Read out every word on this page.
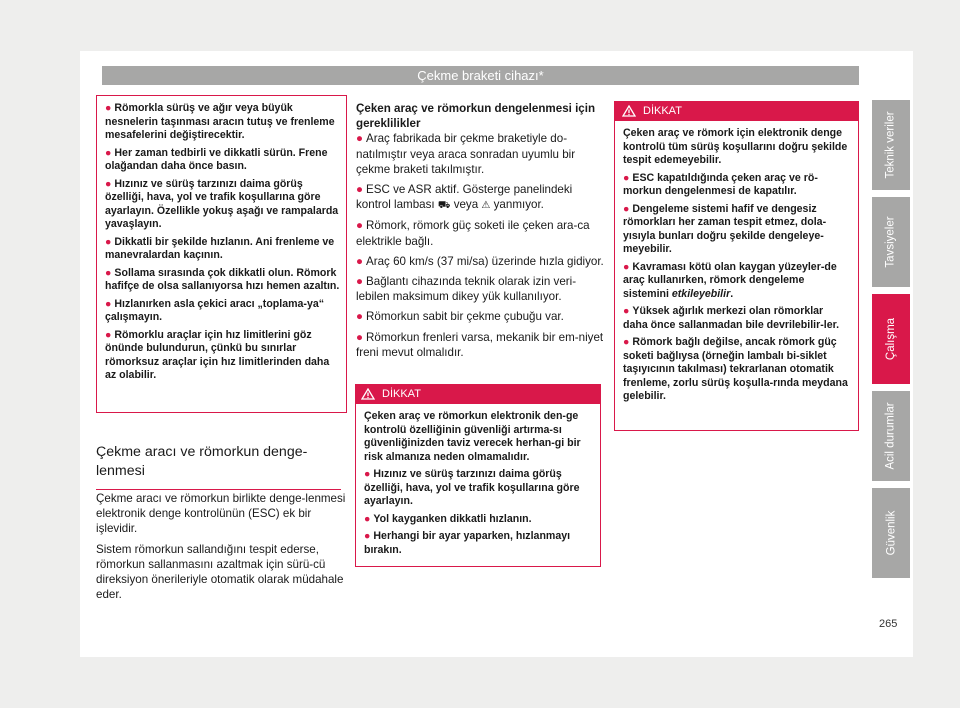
Çekme braketi cihazı*
● Römorkla sürüş ve ağır veya büyük nesnelerin taşınması aracın tutuş ve frenleme mesafelerini değiştirecektir.
● Her zaman tedbirli ve dikkatli sürün. Frene olağandan daha önce basın.
● Hızınız ve sürüş tarzınızı daima görüş özelliği, hava, yol ve trafik koşullarına göre ayarlayın. Özellikle yokuş aşağı ve rampalarda yavaşlayın.
● Dikkatli bir şekilde hızlanın. Ani frenleme ve manevralardan kaçının.
● Sollama sırasında çok dikkatli olun. Römork hafifçe de olsa sallanıyorsa hızı hemen azaltın.
● Hızlanırken asla çekici aracı „toplama-ya“ çalışmayın.
● Römorklu araçlar için hız limitlerini göz önünde bulundurun, çünkü bu sınırlar römorksuz araçlar için hız limitlerinden daha az olabilir.
Çekme aracı ve römorkun denge-lenmesi

Çekme aracı ve römorkun birlikte denge-lenmesi elektronik denge kontrolünün (ESC) ek bir işlevidir.

Sistem römorkun sallandığını tespit ederse, römorkun sallanmasını azaltmak için sürü-cü direksiyon önerileriyle otomatik olarak müdahale eder.

Çeken araç ve römorkun dengelenmesi için gereklilikler
● Araç fabrikada bir çekme braketiyle do-natılmıştır veya araca sonradan uyumlu bir çekme braketi takılmıştır.
● ESC ve ASR aktif. Gösterge panelindeki kontrol lambası ⛟ veya ⚠ yanmıyor.
● Römork, römork güç soketi ile çeken ara-ca elektrikle bağlı.
● Araç 60 km/s (37 mi/sa) üzerinde hızla gidiyor.
● Bağlantı cihazında teknik olarak izin veri-lebilen maksimum dikey yük kullanılıyor.
● Römorkun sabit bir çekme çubuğu var.
● Römorkun frenleri varsa, mekanik bir em-niyet freni mevut olmalıdır.
DİKKAT

Çeken araç ve römorkun elektronik den-ge kontrolü özelliğinin güvenliği artırma-sı güvenliğinizden taviz verecek herhan-gi bir risk almanıza neden olmamalıdır.

● Hızınız ve sürüş tarzınızı daima görüş özelliği, hava, yol ve trafik koşullarına göre ayarlayın.
● Yol kayganken dikkatli hızlanın.
● Herhangi bir ayar yaparken, hızlanmayı bırakın.
DİKKAT

Çeken araç ve römork için elektronik denge kontrolü tüm sürüş koşullarını doğru şekilde tespit edemeyebilir.

● ESC kapatıldığında çeken araç ve rö-morkun dengelenmesi de kapatılır.
● Dengeleme sistemi hafif ve dengesiz römorkları her zaman tespit etmez, dola-yısıyla bunları doğru şekilde dengeleye-meyebilir.
● Kavraması kötü olan kaygan yüzeyler-de araç kullanırken, römork dengeleme sistemini etkileyebilir.
● Yüksek ağırlık merkezi olan römorklar daha önce sallanmadan bile devrilebilir-ler.
● Römork bağlı değilse, ancak römork güç soketi bağlıysa (örneğin lambalı bi-siklet taşıyıcının takılması) tekrarlanan otomatik frenleme, zorlu sürüş koşulla-rında meydana gelebilir.
Teknik veriler
Tavsiyeler
Çalışma
Acil durumlar
Güvenlik
265
